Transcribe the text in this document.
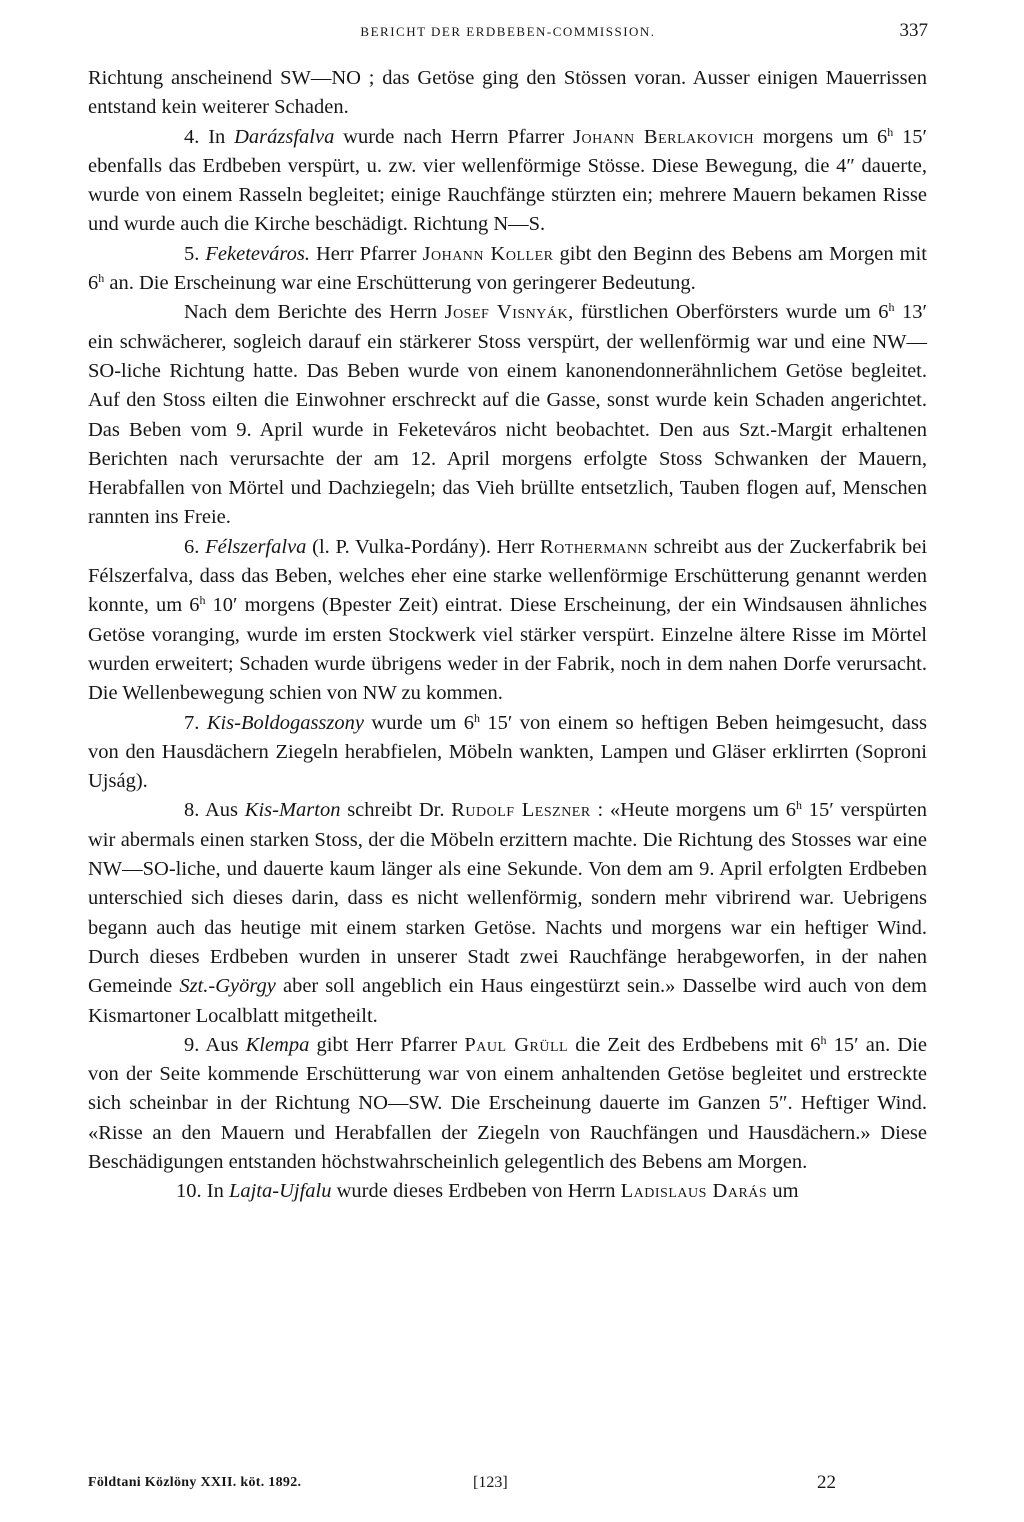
BERICHT DER ERDBEBEN-COMMISSION.	337

Richtung anscheinend SW—NO ; das Getöse ging den Stössen voran. Ausser einigen Mauerrissen entstand kein weiterer Schaden.

4. In Darázsfalva wurde nach Herrn Pfarrer Johann Berlakovich morgens um 6$^h$ 15′ ebenfalls das Erdbeben verspürt, u. zw. vier wellenförmige Stösse. Diese Bewegung, die 4″ dauerte, wurde von einem Rasseln begleitet; einige Rauchfänge stürzten ein; mehrere Mauern bekamen Risse und wurde auch die Kirche beschädigt. Richtung N—S.

5. Feketeváros. Herr Pfarrer Johann Koller gibt den Beginn des Bebens am Morgen mit 6$^h$ an. Die Erscheinung war eine Erschütterung von geringerer Bedeutung.

Nach dem Berichte des Herrn Josef Visnyák, fürstlichen Oberförsters wurde um 6$^h$ 13′ ein schwächerer, sogleich darauf ein stärkerer Stoss verspürt, der wellenförmig war und eine NW—SO-liche Richtung hatte. Das Beben wurde von einem kanonendonnerähnlichem Getöse begleitet. Auf den Stoss eilten die Einwohner erschreckt auf die Gasse, sonst wurde kein Schaden angerichtet. Das Beben vom 9. April wurde in Feketeváros nicht beobachtet. Den aus Szt.-Margit erhaltenen Berichten nach verursachte der am 12. April morgens erfolgte Stoss Schwanken der Mauern, Herabfallen von Mörtel und Dachziegeln; das Vieh brüllte entsetzlich, Tauben flogen auf, Menschen rannten ins Freie.

6. Félszerfalva (l. P. Vulka-Pordány). Herr Rothermann schreibt aus der Zuckerfabrik bei Félszerfalva, dass das Beben, welches eher eine starke wellenförmige Erschütterung genannt werden konnte, um 6$^h$ 10′ morgens (Bpester Zeit) eintrat. Diese Erscheinung, der ein Windsausen ähnliches Getöse voranging, wurde im ersten Stockwerk viel stärker verspürt. Einzelne ältere Risse im Mörtel wurden erweitert; Schaden wurde übrigens weder in der Fabrik, noch in dem nahen Dorfe verursacht. Die Wellenbewegung schien von NW zu kommen.

7. Kis-Boldogasszony wurde um 6$^h$ 15′ von einem so heftigen Beben heimgesucht, dass von den Hausdächern Ziegeln herabfielen, Möbeln wankten, Lampen und Gläser erklirrten (Soproni Ujság).

8. Aus Kis-Marton schreibt Dr. Rudolf Leszner : «Heute morgens um 6$^h$ 15′ verspürten wir abermals einen starken Stoss, der die Möbeln erzittern machte. Die Richtung des Stosses war eine NW—SO-liche, und dauerte kaum länger als eine Sekunde. Von dem am 9. April erfolgten Erdbeben unterschied sich dieses darin, dass es nicht wellenförmig, sondern mehr vibrirend war. Uebrigens begann auch das heutige mit einem starken Getöse. Nachts und morgens war ein heftiger Wind. Durch dieses Erdbeben wurden in unserer Stadt zwei Rauchfänge herabgeworfen, in der nahen Gemeinde Szt.-György aber soll angeblich ein Haus eingestürzt sein.» Dasselbe wird auch von dem Kismartoner Localblatt mitgetheilt.

9. Aus Klempa gibt Herr Pfarrer Paul Grüll die Zeit des Erdbebens mit 6$^h$ 15′ an. Die von der Seite kommende Erschütterung war von einem anhaltenden Getöse begleitet und erstreckte sich scheinbar in der Richtung NO—SW. Die Erscheinung dauerte im Ganzen 5″. Heftiger Wind. «Risse an den Mauern und Herabfallen der Ziegeln von Rauchfängen und Hausdächern.» Diese Beschädigungen entstanden höchstwahrscheinlich gelegentlich des Bebens am Morgen.

10. In Lajta-Ujfalu wurde dieses Erdbeben von Herrn Ladislaus Darás um

Földtani Közlöny XXII. köt. 1892.	[123]	22
